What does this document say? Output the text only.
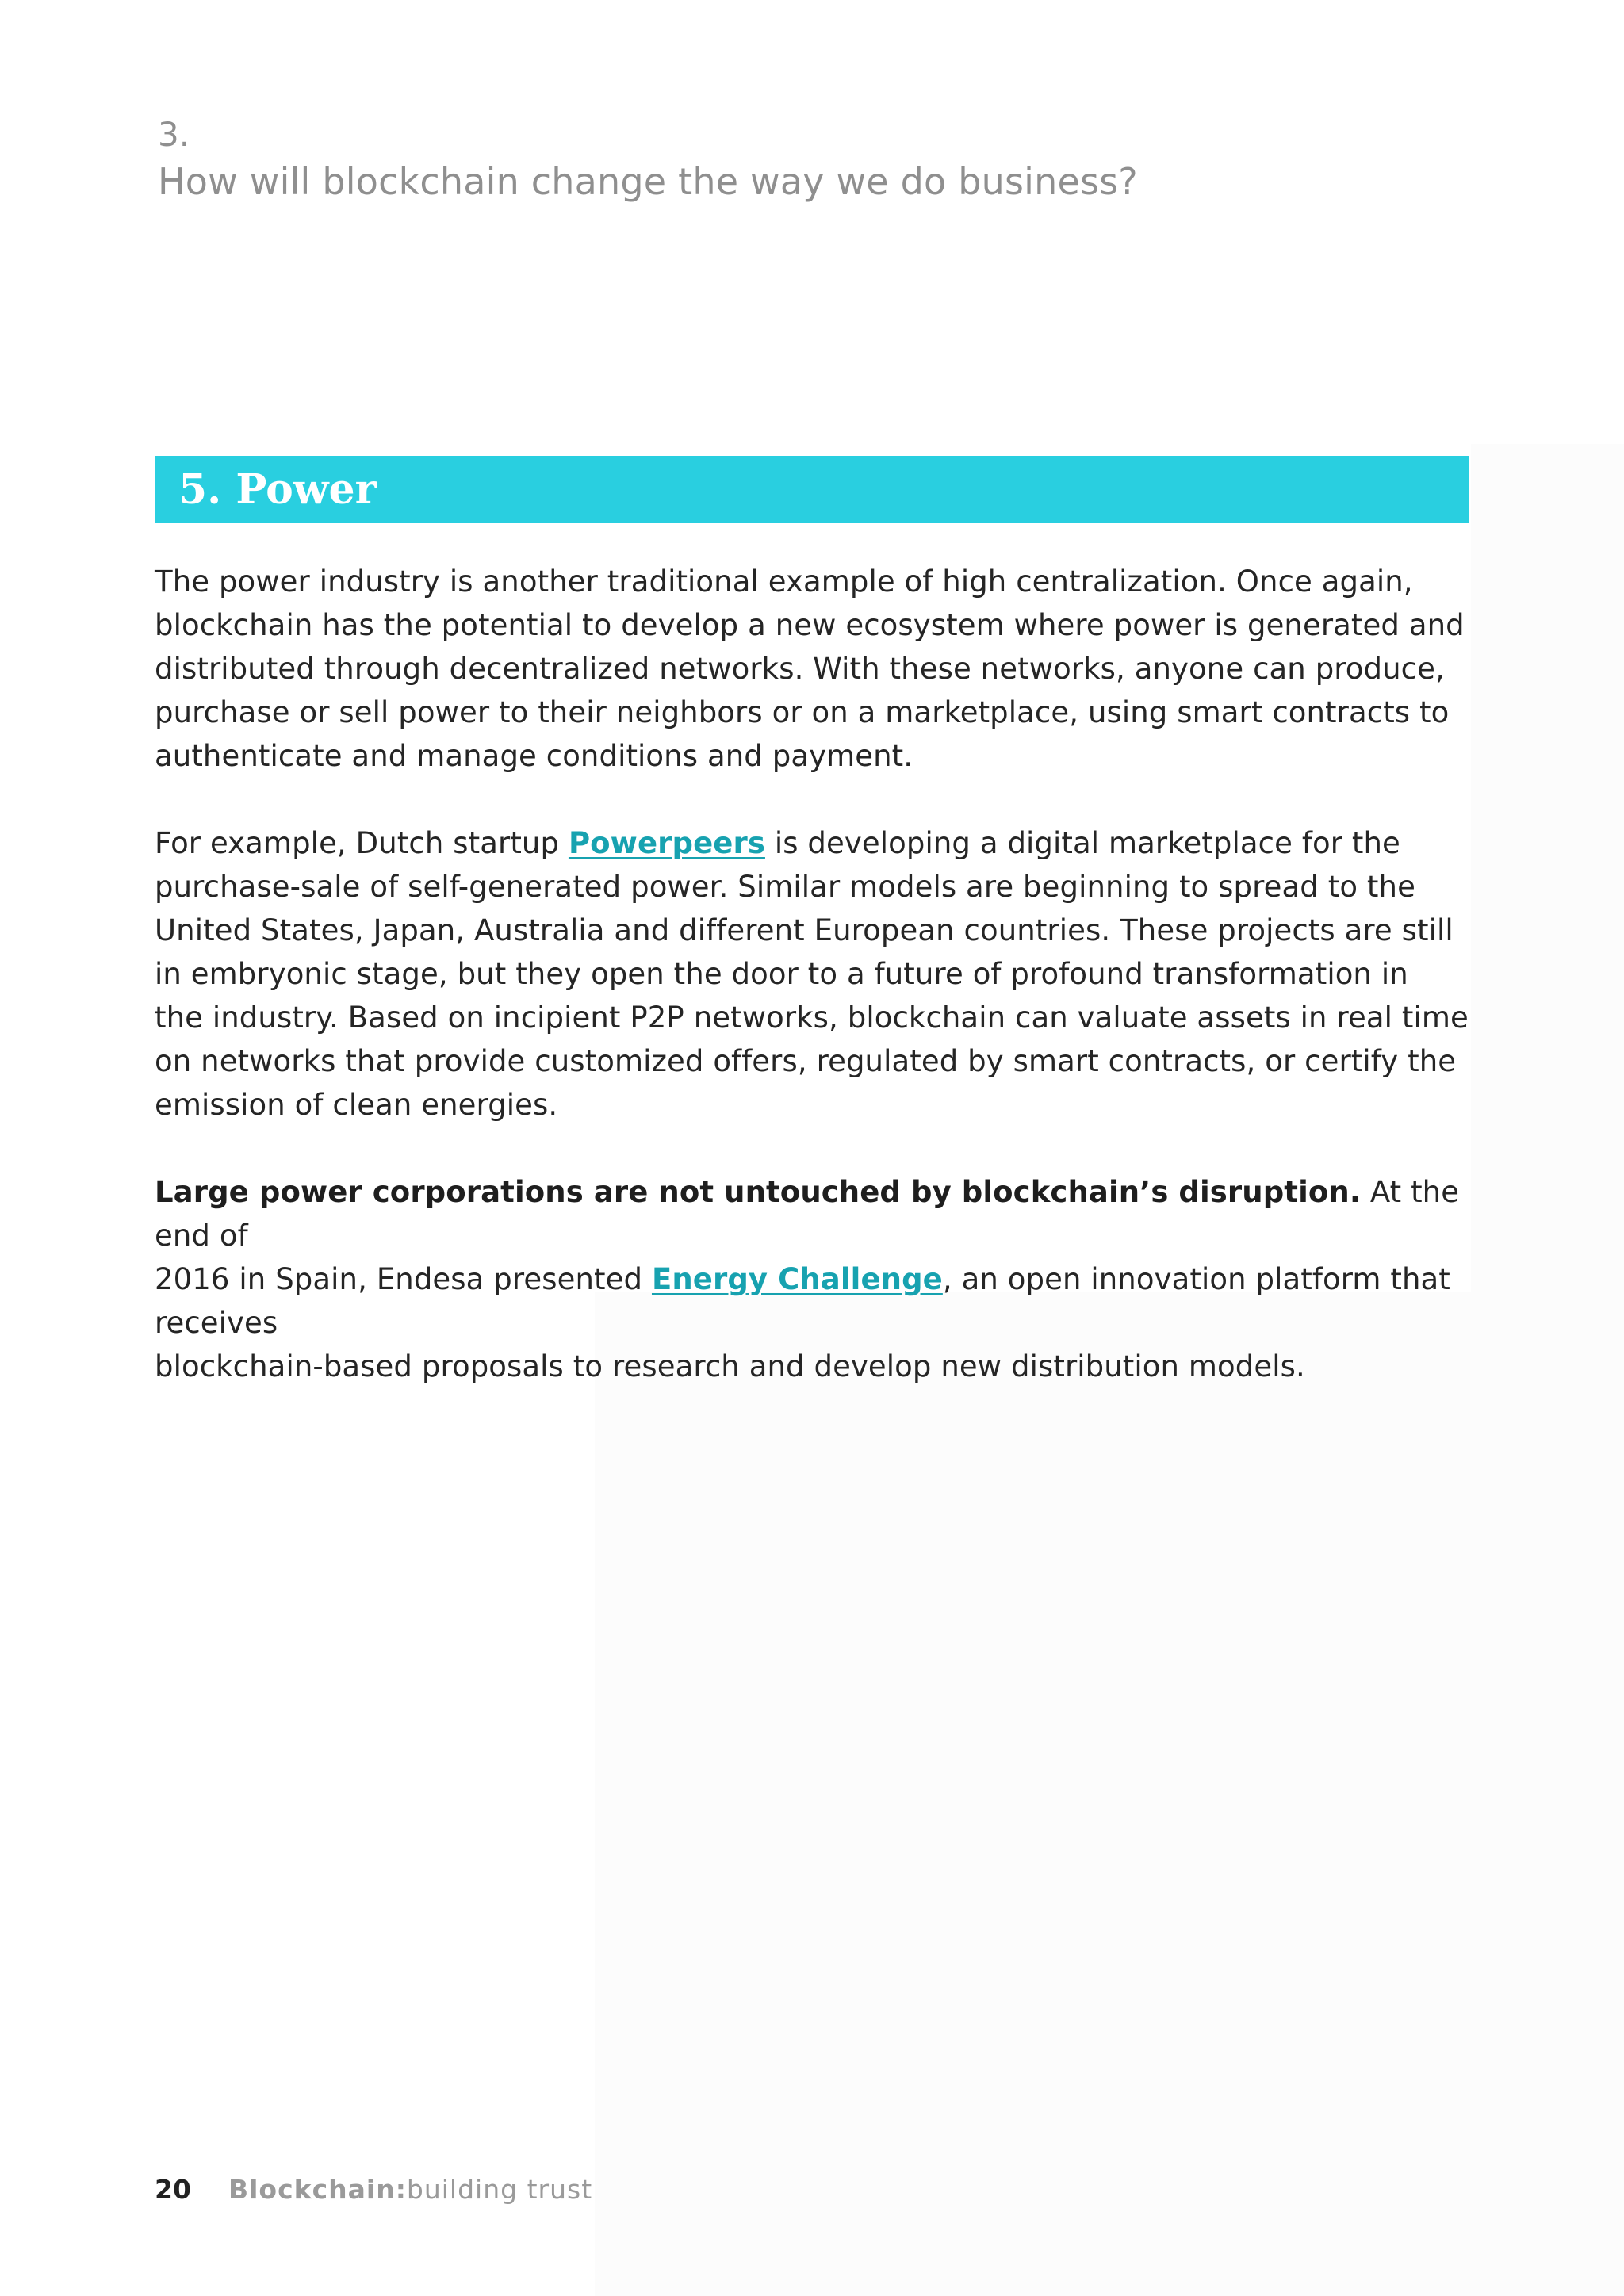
3.
How will blockchain change the way we do business?
5. Power

The power industry is another traditional example of high centralization. Once again,
blockchain has the potential to develop a new ecosystem where power is generated and
distributed through decentralized networks. With these networks, anyone can produce,
purchase or sell power to their neighbors or on a marketplace, using smart contracts to
authenticate and manage conditions and payment.

For example, Dutch startup Powerpeers is developing a digital marketplace for the
purchase-sale of self-generated power. Similar models are beginning to spread to the
United States, Japan, Australia and different European countries. These projects are still
in embryonic stage, but they open the door to a future of profound transformation in
the industry. Based on incipient P2P networks, blockchain can valuate assets in real time
on networks that provide customized offers, regulated by smart contracts, or certify the
emission of clean energies.

Large power corporations are not untouched by blockchain’s disruption. At the end of
2016 in Spain, Endesa presented Energy Challenge, an open innovation platform that receives
blockchain-based proposals to research and develop new distribution models.

20 Blockchain: building trust
